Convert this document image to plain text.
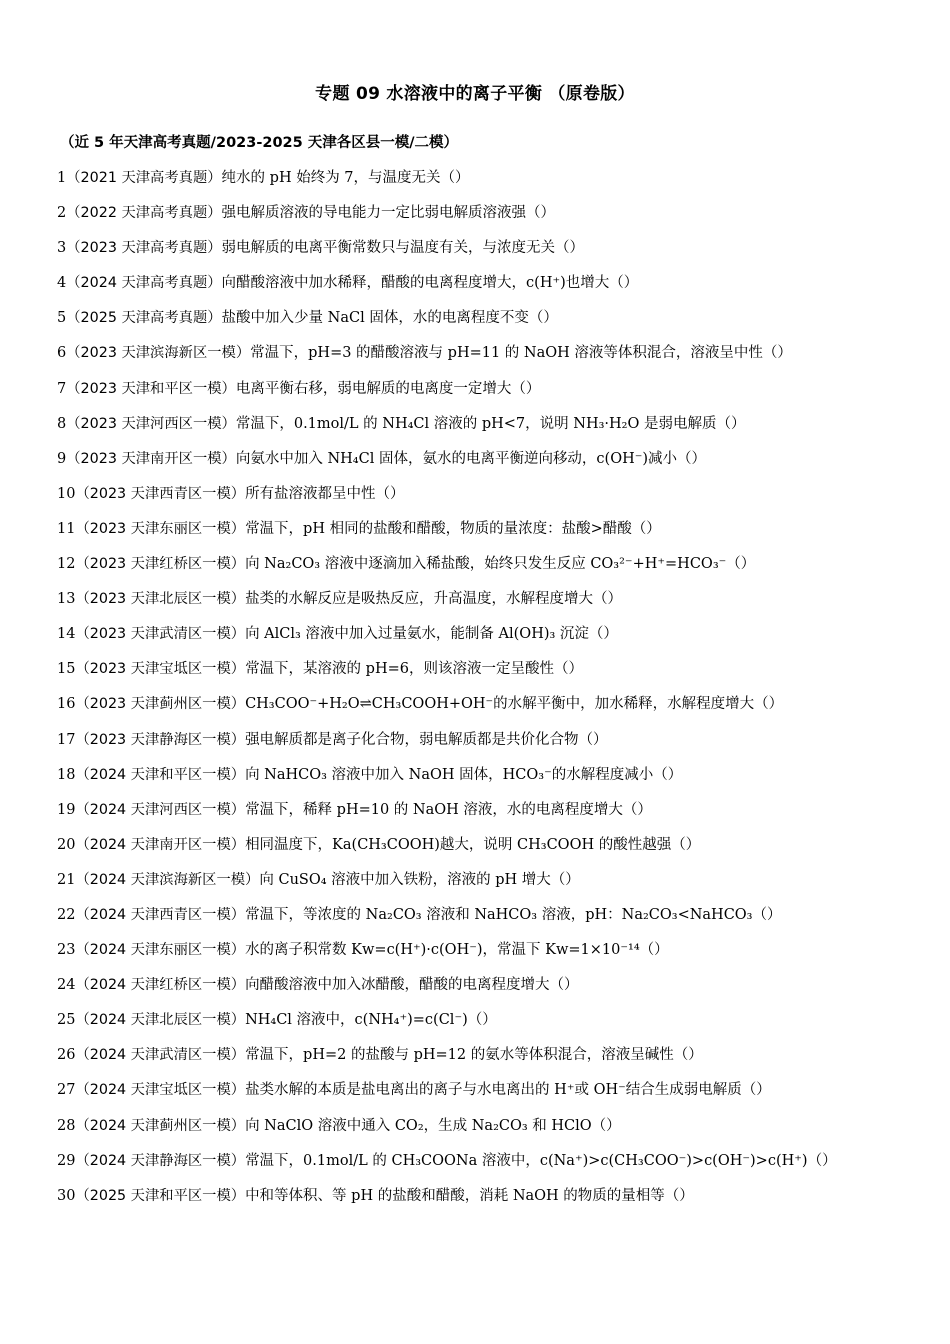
专题 09 水溶液中的离子平衡 （原卷版）
（近 5 年天津高考真题/2023-2025 天津各区县一模/二模）
1（2021 天津高考真题）纯水的 pH 始终为 7，与温度无关（）
2（2022 天津高考真题）强电解质溶液的导电能力一定比弱电解质溶液强（）
3（2023 天津高考真题）弱电解质的电离平衡常数只与温度有关，与浓度无关（）
4（2024 天津高考真题）向醋酸溶液中加水稀释，醋酸的电离程度增大，c(H⁺)也增大（）
5（2025 天津高考真题）盐酸中加入少量 NaCl 固体，水的电离程度不变（）
6（2023 天津滨海新区一模）常温下，pH=3 的醋酸溶液与 pH=11 的 NaOH 溶液等体积混合，溶液呈中性（）
7（2023 天津和平区一模）电离平衡右移，弱电解质的电离度一定增大（）
8（2023 天津河西区一模）常温下，0.1mol/L 的 NH₄Cl 溶液的 pH<7，说明 NH₃·H₂O 是弱电解质（）
9（2023 天津南开区一模）向氨水中加入 NH₄Cl 固体，氨水的电离平衡逆向移动，c(OH⁻)减小（）
10（2023 天津西青区一模）所有盐溶液都呈中性（）
11（2023 天津东丽区一模）常温下，pH 相同的盐酸和醋酸，物质的量浓度：盐酸>醋酸（）
12（2023 天津红桥区一模）向 Na₂CO₃ 溶液中逐滴加入稀盐酸，始终只发生反应 CO₃²⁻+H⁺=HCO₃⁻（）
13（2023 天津北辰区一模）盐类的水解反应是吸热反应，升高温度，水解程度增大（）
14（2023 天津武清区一模）向 AlCl₃ 溶液中加入过量氨水，能制备 Al(OH)₃ 沉淀（）
15（2023 天津宝坻区一模）常温下，某溶液的 pH=6，则该溶液一定呈酸性（）
16（2023 天津蓟州区一模）CH₃COO⁻+H₂O⇌CH₃COOH+OH⁻的水解平衡中，加水稀释，水解程度增大（）
17（2023 天津静海区一模）强电解质都是离子化合物，弱电解质都是共价化合物（）
18（2024 天津和平区一模）向 NaHCO₃ 溶液中加入 NaOH 固体，HCO₃⁻的水解程度减小（）
19（2024 天津河西区一模）常温下，稀释 pH=10 的 NaOH 溶液，水的电离程度增大（）
20（2024 天津南开区一模）相同温度下，Ka(CH₃COOH)越大，说明 CH₃COOH 的酸性越强（）
21（2024 天津滨海新区一模）向 CuSO₄ 溶液中加入铁粉，溶液的 pH 增大（）
22（2024 天津西青区一模）常温下，等浓度的 Na₂CO₃ 溶液和 NaHCO₃ 溶液，pH：Na₂CO₃<NaHCO₃（）
23（2024 天津东丽区一模）水的离子积常数 Kw=c(H⁺)·c(OH⁻)，常温下 Kw=1×10⁻¹⁴（）
24（2024 天津红桥区一模）向醋酸溶液中加入冰醋酸，醋酸的电离程度增大（）
25（2024 天津北辰区一模）NH₄Cl 溶液中，c(NH₄⁺)=c(Cl⁻)（）
26（2024 天津武清区一模）常温下，pH=2 的盐酸与 pH=12 的氨水等体积混合，溶液呈碱性（）
27（2024 天津宝坻区一模）盐类水解的本质是盐电离出的离子与水电离出的 H⁺或 OH⁻结合生成弱电解质（）
28（2024 天津蓟州区一模）向 NaClO 溶液中通入 CO₂，生成 Na₂CO₃ 和 HClO（）
29（2024 天津静海区一模）常温下，0.1mol/L 的 CH₃COONa 溶液中，c(Na⁺)>c(CH₃COO⁻)>c(OH⁻)>c(H⁺)（）
30（2025 天津和平区一模）中和等体积、等 pH 的盐酸和醋酸，消耗 NaOH 的物质的量相等（）
